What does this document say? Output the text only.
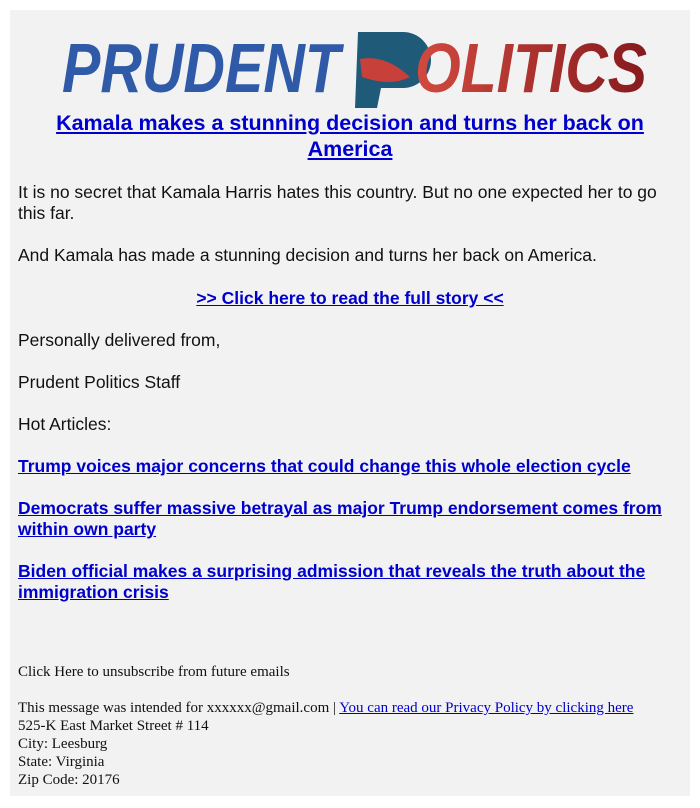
PRUDENT OLITICS
Kamala makes a stunning decision and turns her back on America

It is no secret that Kamala Harris hates this country. But no one expected her to go this far.

And Kamala has made a stunning decision and turns her back on America.

>> Click here to read the full story <<

Personally delivered from,

Prudent Politics Staff

Hot Articles:

Trump voices major concerns that could change this whole election cycle

Democrats suffer massive betrayal as major Trump endorsement comes from within own party

Biden official makes a surprising admission that reveals the truth about the immigration crisis

Click Here to unsubscribe from future emails
This message was intended for xxxxxx@gmail.com | You can read our Privacy Policy by clicking here
525-K East Market Street # 114
City: Leesburg
State: Virginia
Zip Code: 20176
